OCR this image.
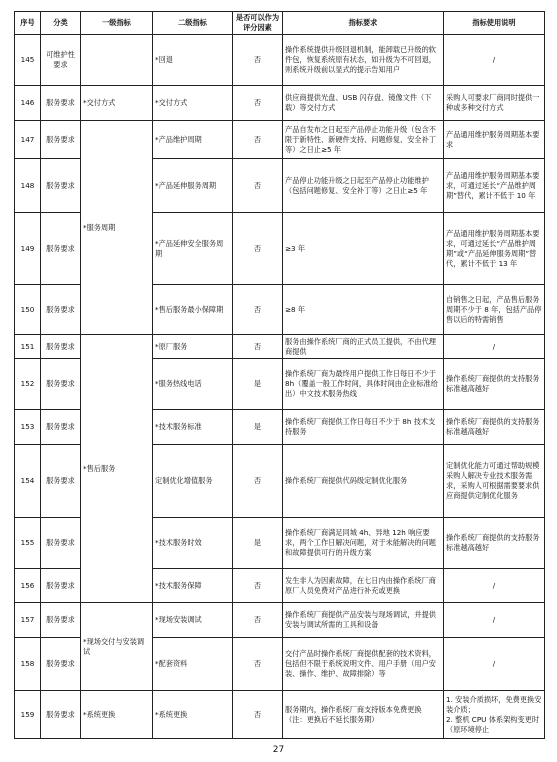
序号	分类	一级指标	二级指标	是否可以作为评分因素	指标要求	指标使用说明
145	可维护性要求		*回退	否	操作系统提供升级回退机制，能卸载已升级的软件包，恢复系统原有状态，如升级为不可回退，则系统升级前以显式的提示告知用户	/
146	服务要求	*交付方式	*交付方式	否	供应商提供光盘、USB 闪存盘、镜像文件（下载）等交付方式	采购人可要求厂商同时提供一种或多种交付方式
147	服务要求	*服务周期	*产品维护周期	否	产品自发布之日起至产品停止功能升级（包含不限于新特性、新硬件支持、问题修复、安全补丁等）之日止≥5 年	产品通用维护服务周期基本要求
148	服务要求		*产品延伸服务周期	否	产品停止功能升级之日起至产品停止功能维护（包括问题修复、安全补丁等）之日止≥5 年	产品通用维护服务周期基本要求，可通过延长“产品维护周期”替代，累计不低于 10 年
149	服务要求		*产品延伸安全服务周期	否	≥3 年	产品通用维护服务周期基本要求，可通过延长“产品维护周期”或“产品延伸服务周期”替代，累计不低于 13 年
150	服务要求		*售后服务最小保障期	否	≥8 年	自销售之日起，产品售后服务周期不少于 8 年，包括产品停售以后的特需销售
151	服务要求	*售后服务	*原厂服务	否	服务由操作系统厂商的正式员工提供，不由代理商提供	/
152	服务要求		*服务热线电话	是	操作系统厂商为最终用户提供工作日每日不少于 8h（覆盖一般工作时间，具体时间由企业标准给出）中文技术服务热线	操作系统厂商提供的支持服务标准越高越好
153	服务要求		*技术服务标准	是	操作系统厂商提供工作日每日不少于 8h 技术支持服务	操作系统厂商提供的支持服务标准越高越好
154	服务要求		定制优化增值服务	否	操作系统厂商提供代码级定制优化服务	定制优化能力可通过帮助规模采购人解决专业技术服务需求，采购人可根据需要要求供应商提供定制优化服务
155	服务要求		*技术服务时效	是	操作系统厂商满足同城 4h、异地 12h 响应要求，两个工作日解决问题，对于未能解决的问题和故障提供可行的升级方案	操作系统厂商提供的支持服务标准越高越好
156	服务要求		*技术服务保障	否	发生非人为因素故障，在七日内由操作系统厂商原厂人员免费对产品进行补充或更换	/
157	服务要求	*现场交付与安装调试	*现场安装调试	否	操作系统厂商提供产品安装与现场调试，并提供安装与调试所需的工具和设备	/
158	服务要求		*配套资料	否	交付产品时操作系统厂商提供配套的技术资料，包括但不限于系统说明文件、用户手册（用户安装、操作、维护、故障排除）等	/
159	服务要求	*系统更换	*系统更换	否	服务期内，操作系统厂商支持版本免费更换（注：更换后不延长服务期）	1. 安装介质损坏，免费更换安装介质；
2. 整机 CPU 体系架构变更时（原环境停止
27
